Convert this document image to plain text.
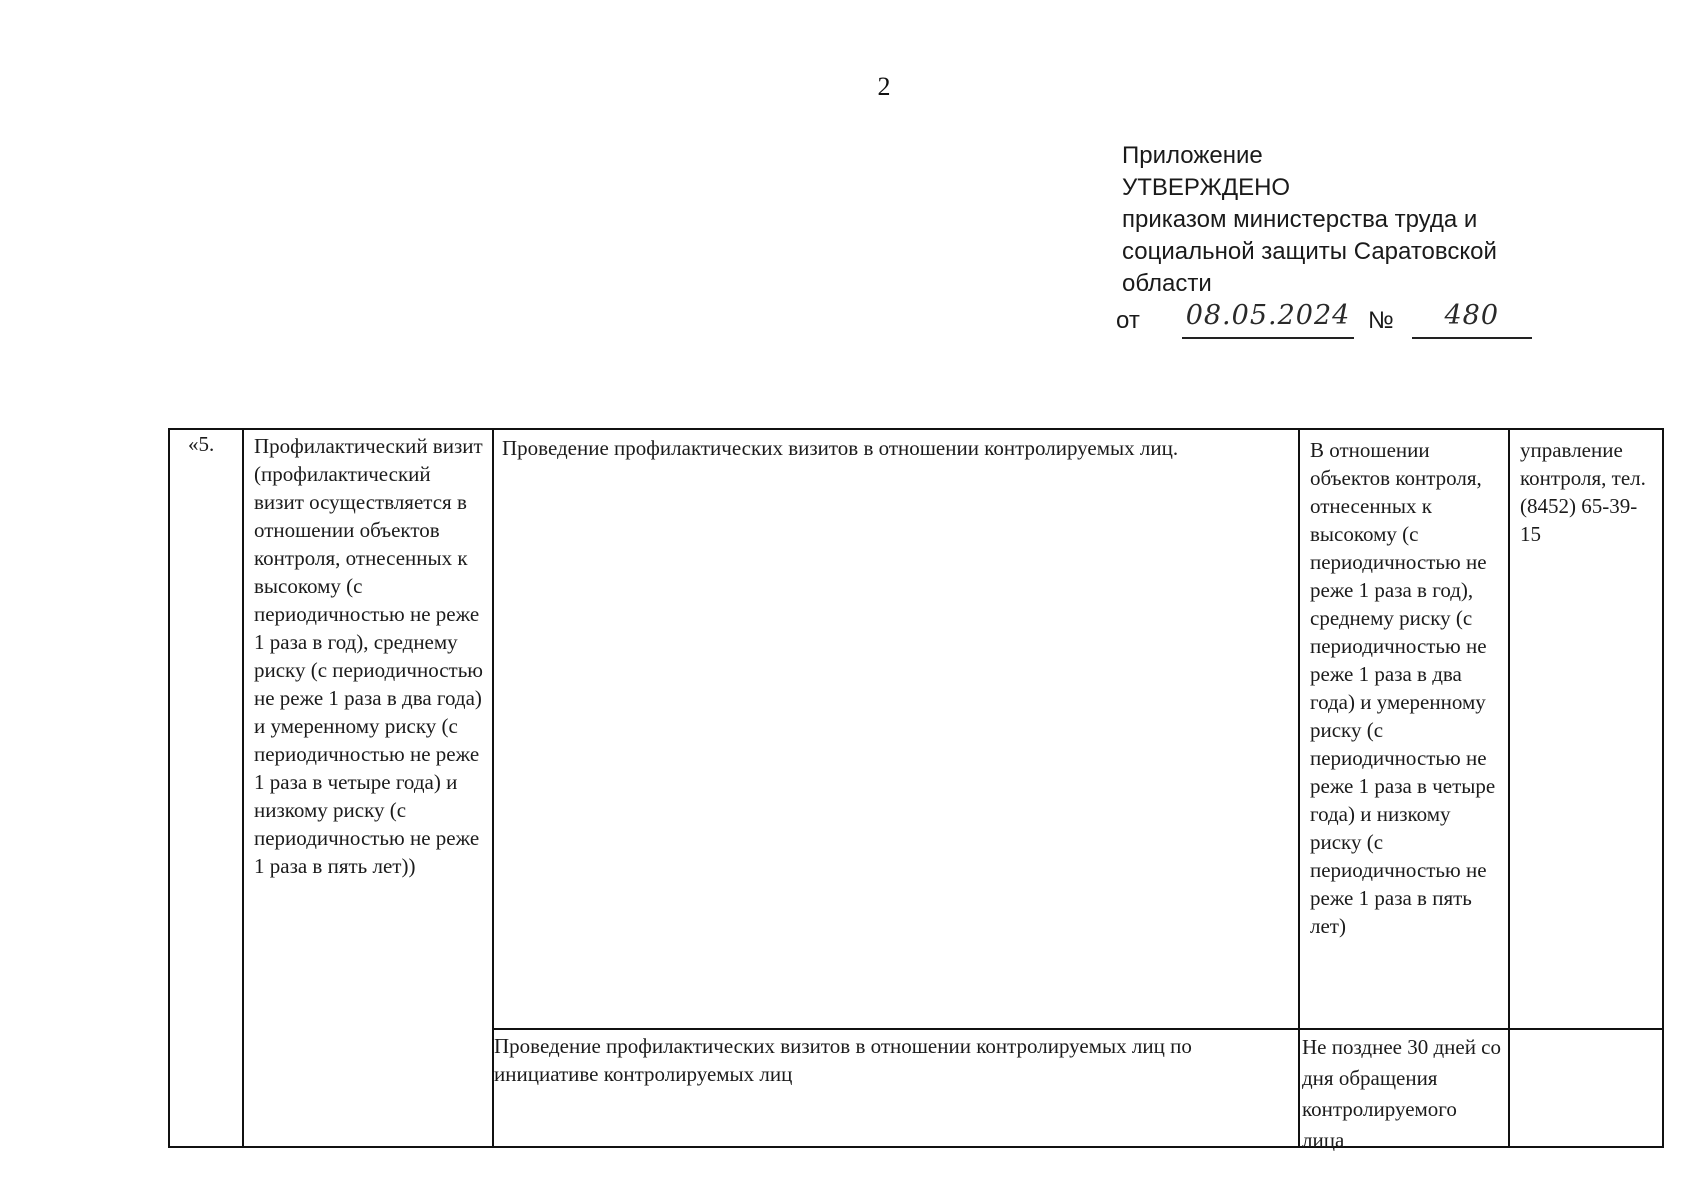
2
Приложение
УТВЕРЖДЕНО
приказом министерства труда и
социальной защиты Саратовской
области
от 08.05.2024 № 480
«5.	Профилактический визит (профилактический визит осуществляется в отношении объектов контроля, отнесенных к высокому (с периодичностью не реже 1 раза в год), среднему риску (с периодичностью не реже 1 раза в два года) и умеренному риску (с периодичностью не реже 1 раза в четыре года) и низкому риску (с периодичностью не реже 1 раза в пять лет))
Проведение профилактических визитов в отношении контролируемых лиц.	В отношении объектов контроля, отнесенных к высокому (с периодичностью не реже 1 раза в год), среднему риску (с периодичностью не реже 1 раза в два года) и умеренному риску (с периодичностью не реже 1 раза в четыре года) и низкому риску (с периодичностью не реже 1 раза в пять лет)
управление контроля, тел. (8452) 65-39-15
Проведение профилактических визитов в отношении контролируемых лиц по инициативе контролируемых лиц
Не позднее 30 дней со дня обращения контролируемого лица
